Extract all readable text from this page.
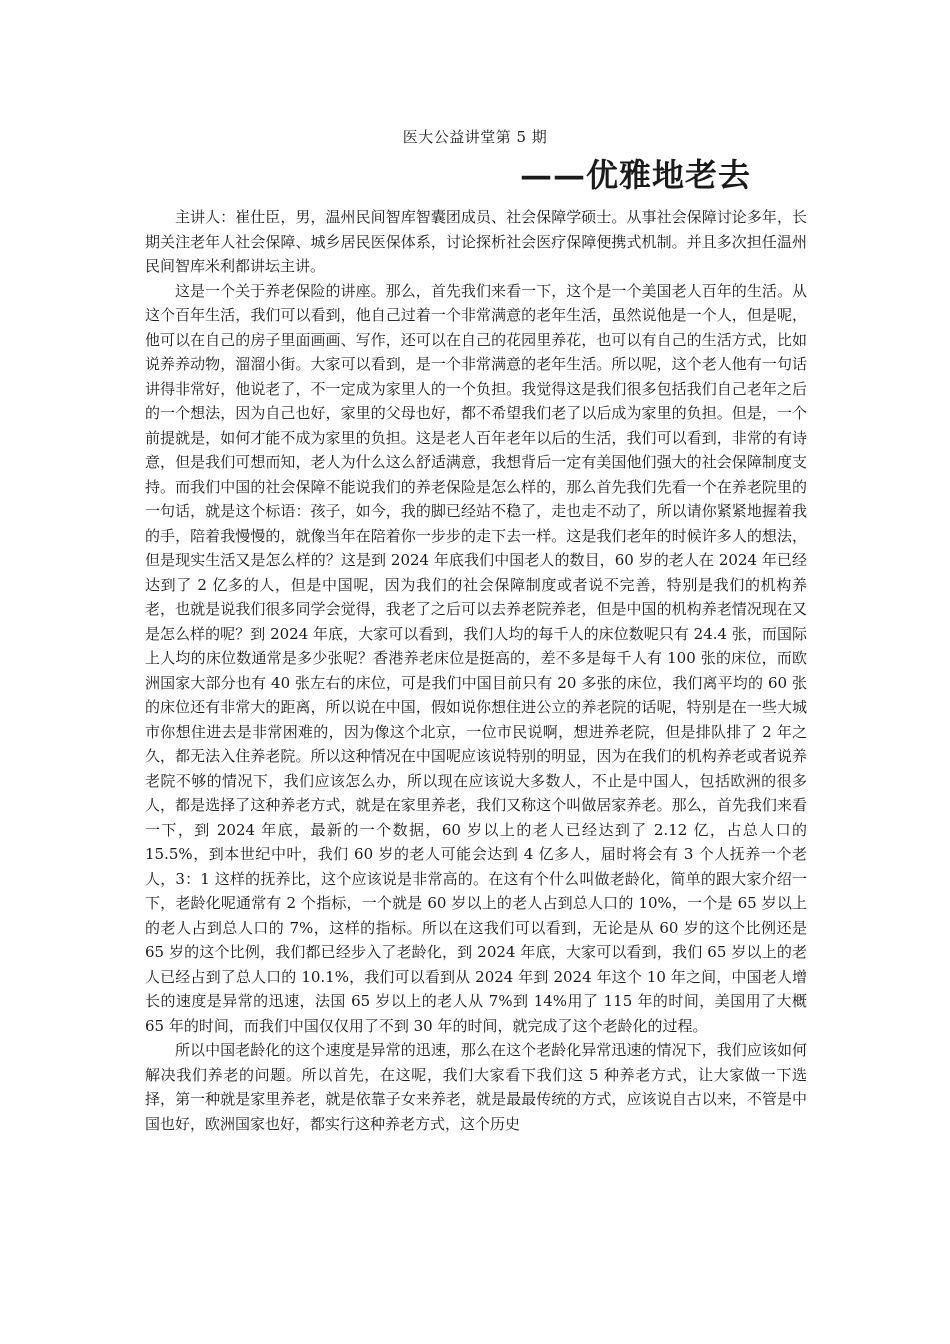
医大公益讲堂第 5 期
——优雅地老去

主讲人：崔仕臣，男，温州民间智库智囊团成员、社会保障学硕士。从事社会保障讨论多年，长期关注老年人社会保障、城乡居民医保体系，讨论探析社会医疗保障便携式机制。并且多次担任温州民间智库米利都讲坛主讲。

这是一个关于养老保险的讲座。那么，首先我们来看一下，这个是一个美国老人百年的生活。从这个百年生活，我们可以看到，他自己过着一个非常满意的老年生活，虽然说他是一个人，但是呢，他可以在自己的房子里面画画、写作，还可以在自己的花园里养花，也可以有自己的生活方式，比如说养养动物，溜溜小街。大家可以看到，是一个非常满意的老年生活。所以呢，这个老人他有一句话讲得非常好，他说老了，不一定成为家里人的一个负担。我觉得这是我们很多包括我们自己老年之后的一个想法，因为自己也好，家里的父母也好，都不希望我们老了以后成为家里的负担。但是，一个前提就是，如何才能不成为家里的负担。这是老人百年老年以后的生活，我们可以看到，非常的有诗意，但是我们可想而知，老人为什么这么舒适满意，我想背后一定有美国他们强大的社会保障制度支持。而我们中国的社会保障不能说我们的养老保险是怎么样的，那么首先我们先看一个在养老院里的一句话，就是这个标语：孩子，如今，我的脚已经站不稳了，走也走不动了，所以请你紧紧地握着我的手，陪着我慢慢的，就像当年在陪着你一步步的走下去一样。这是我们老年的时候许多人的想法，但是现实生活又是怎么样的？这是到 2024 年底我们中国老人的数目，60 岁的老人在 2024 年已经达到了 2 亿多的人，但是中国呢，因为我们的社会保障制度或者说不完善，特别是我们的机构养老，也就是说我们很多同学会觉得，我老了之后可以去养老院养老，但是中国的机构养老情况现在又是怎么样的呢？到 2024 年底，大家可以看到，我们人均的每千人的床位数呢只有 24.4 张，而国际上人均的床位数通常是多少张呢？香港养老床位是挺高的，差不多是每千人有 100 张的床位，而欧洲国家大部分也有 40 张左右的床位，可是我们中国目前只有 20 多张的床位，我们离平均的 60 张的床位还有非常大的距离，所以说在中国，假如说你想住进公立的养老院的话呢，特别是在一些大城市你想住进去是非常困难的，因为像这个北京，一位市民说啊，想进养老院，但是排队排了 2 年之久，都无法入住养老院。所以这种情况在中国呢应该说特别的明显，因为在我们的机构养老或者说养老院不够的情况下，我们应该怎么办，所以现在应该说大多数人，不止是中国人，包括欧洲的很多人，都是选择了这种养老方式，就是在家里养老，我们又称这个叫做居家养老。那么，首先我们来看一下，到 2024 年底，最新的一个数据，60 岁以上的老人已经达到了 2.12 亿，占总人口的 15.5%，到本世纪中叶，我们 60 岁的老人可能会达到 4 亿多人，届时将会有 3 个人抚养一个老人，3：1 这样的抚养比，这个应该说是非常高的。在这有个什么叫做老龄化，简单的跟大家介绍一下，老龄化呢通常有 2 个指标，一个就是 60 岁以上的老人占到总人口的 10%，一个是 65 岁以上的老人占到总人口的 7%，这样的指标。所以在这我们可以看到，无论是从 60 岁的这个比例还是 65 岁的这个比例，我们都已经步入了老龄化，到 2024 年底，大家可以看到，我们 65 岁以上的老人已经占到了总人口的 10.1%，我们可以看到从 2024 年到 2024 年这个 10 年之间，中国老人增长的速度是异常的迅速，法国 65 岁以上的老人从 7%到 14%用了 115 年的时间，美国用了大概 65 年的时间，而我们中国仅仅用了不到 30 年的时间，就完成了这个老龄化的过程。

所以中国老龄化的这个速度是异常的迅速，那么在这个老龄化异常迅速的情况下，我们应该如何解决我们养老的问题。所以首先，在这呢，我们大家看下我们这 5 种养老方式，让大家做一下选择，第一种就是家里养老，就是依靠子女来养老，就是最最传统的方式，应该说自古以来，不管是中国也好，欧洲国家也好，都实行这种养老方式，这个历史
